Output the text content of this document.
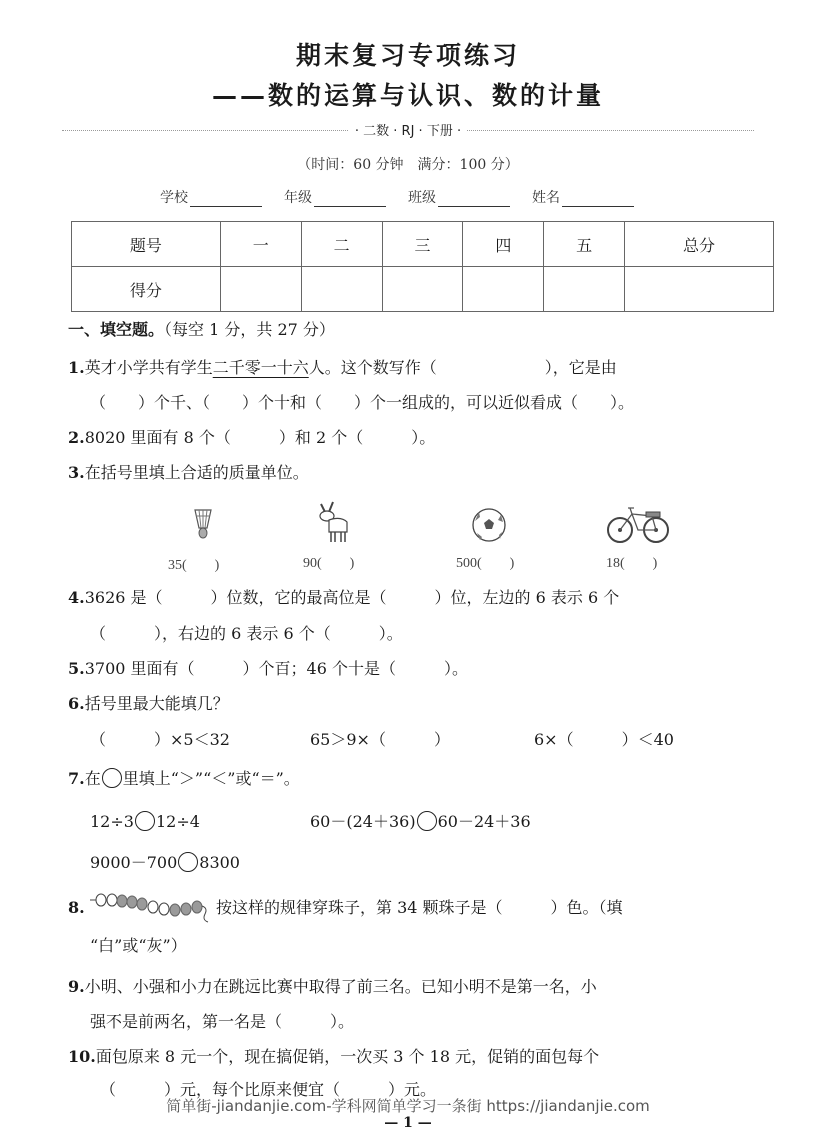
期末复习专项练习
——数的运算与认识、数的计量
· 二数 · RJ · 下册 ·
（时间：60 分钟　满分：100 分）
学校	年级	班级	姓名
题号	一	二	三	四	五	总分
得分						
一、填空题。（每空 1 分，共 27 分）
1.英才小学共有学生二千零一十六人。这个数写作（	），它是由
（　　）个千、（　　）个十和（　　）个一组成的，可以近似看成（　　）。
2.8020 里面有 8 个（　　　）和 2 个（　　　）。
3.在括号里填上合适的质量单位。
35(　　)	90(　　)	500(　　)	18(　　)
4.3626 是（　　　）位数，它的最高位是（　　　）位，左边的 6 表示 6 个
（　　　），右边的 6 表示 6 个（　　　）。
5.3700 里面有（　　　）个百；46 个十是（　　　）。
6.括号里最大能填几？
（　　　）×5＜32	65＞9×（　　　）	6×（　　　）＜40
7.在 里填上“＞”“＜”或“＝”。
12÷3 12÷4	60－(24＋36) 60－24＋36
9000－700 8300
8.	按这样的规律穿珠子，第 34 颗珠子是（　　　）色。（填
“白”或“灰”）
9.小明、小强和小力在跳远比赛中取得了前三名。已知小明不是第一名，小
强不是前两名，第一名是（　　　）。
10.面包原来 8 元一个，现在搞促销，一次买 3 个 18 元，促销的面包每个
（　　　）元，每个比原来便宜（　　　）元。
简单街-jiandanjie.com-学科网简单学习一条街 https://jiandanjie.com
— 1 —
